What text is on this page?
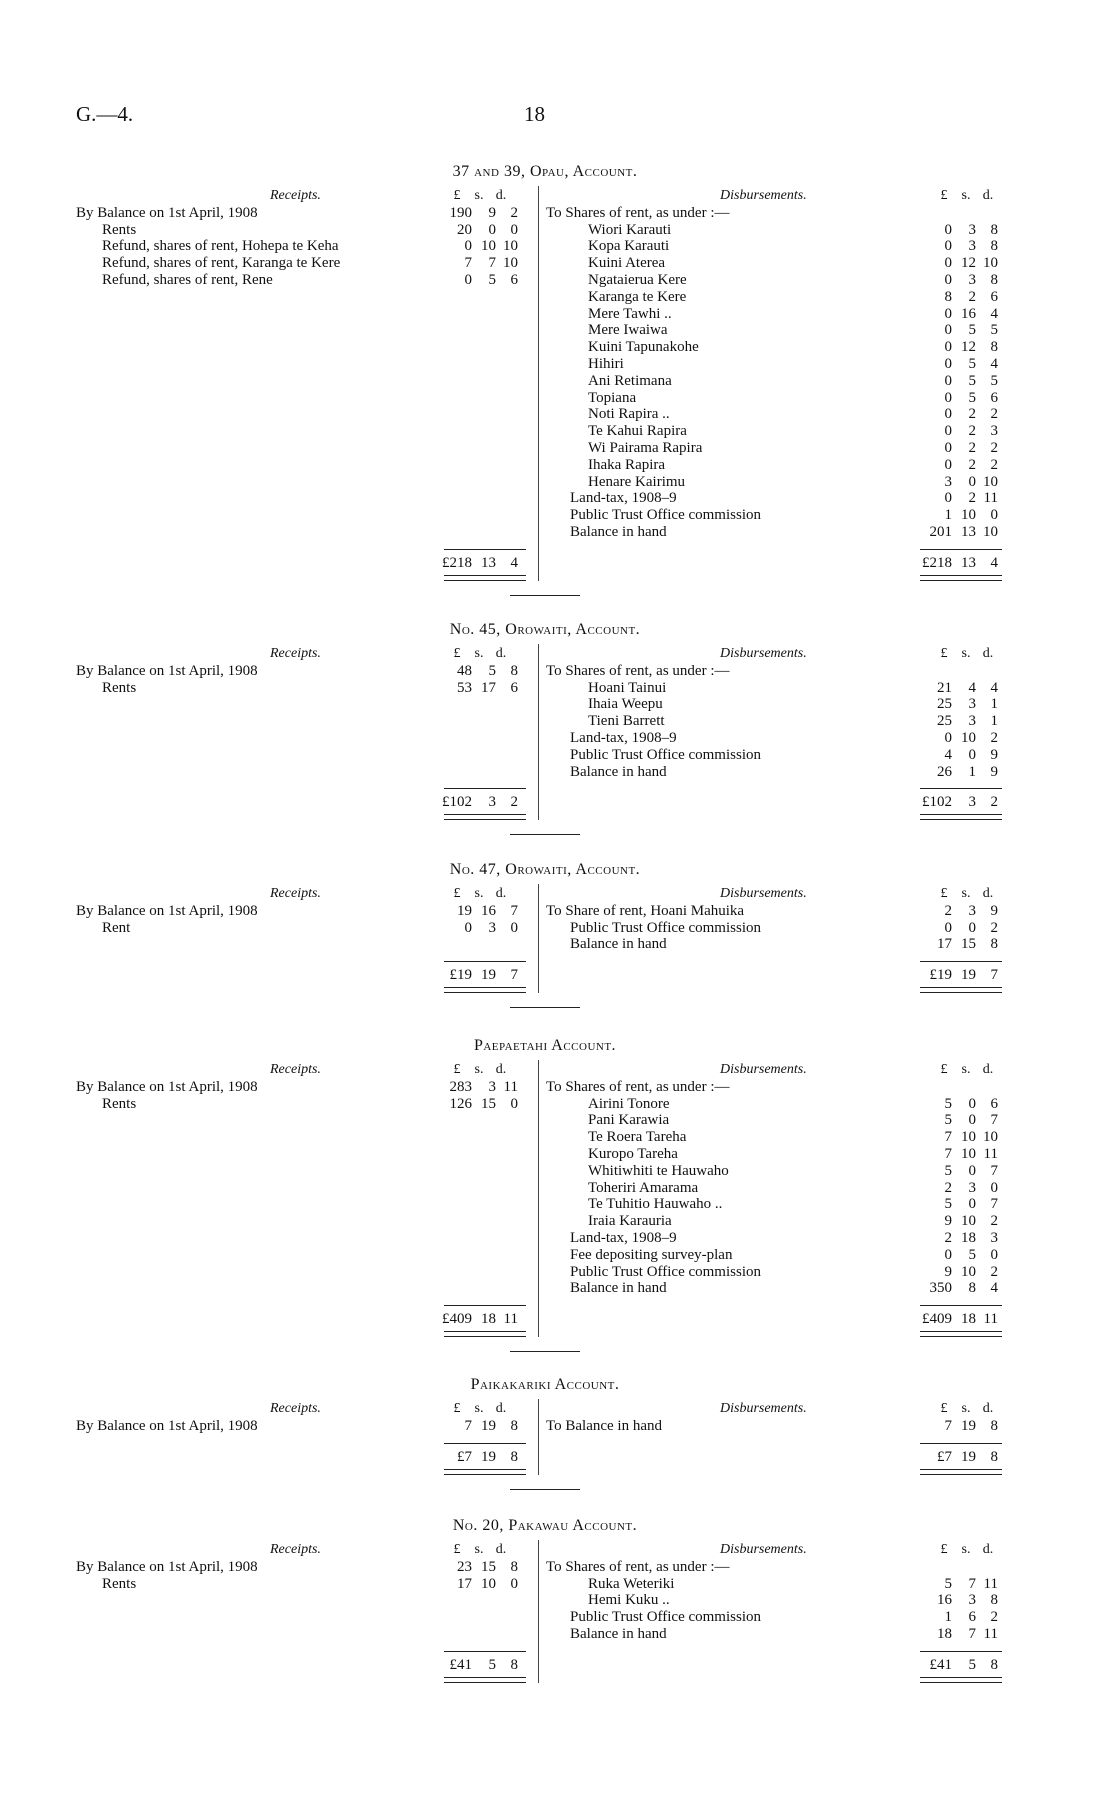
G.—4.	18
37 and 39, Opau, Account.
Receipts.	Disbursements.
£ s. d.	£ s. d.
By Balance on 1st April, 1908	190	9 2
Rents	20	0 0
Refund, shares of rent, Hohepa te Keha	0 10 10
Refund, shares of rent, Karanga te Kere	7	7 10
Refund, shares of rent, Rene	0	5 6
To Shares of rent, as under :—
Wiori Karauti	0	3 8
Kopa Karauti	0	3 8
Kuini Aterea	0 12 10
Ngataierua Kere	0	3 8
Karanga te Kere	8	2 6
Mere Tawhi ..	0 16 4
Mere Iwaiwa	0	5 5
Kuini Tapunakohe	0 12 8
Hihiri	0	5 4
Ani Retimana	0	5 5
Topiana	0	5 6
Noti Rapira ..	0	2 2
Te Kahui Rapira	0	2 3
Wi Pairama Rapira	0	2 2
Ihaka Rapira	0	2 2
Henare Kairimu	3	0 10
Land-tax, 1908–9	0	2 11
Public Trust Office commission	1 10 0
Balance in hand	201 13 10
£218 13 4	£218 13 4
No. 45, Orowaiti, Account.
Receipts.	Disbursements.
£ s. d.	£ s. d.
By Balance on 1st April, 1908	48	5 8
Rents	53 17 6
To Shares of rent, as under :—
Hoani Tainui	21	4 4
Ihaia Weepu	25	3 1
Tieni Barrett	25	3 1
Land-tax, 1908–9	0 10 2
Public Trust Office commission	4	0 9
Balance in hand	26	1 9
£102	3 2	£102	3 2
No. 47, Orowaiti, Account.
Receipts.	Disbursements.
£ s. d.	£ s. d.
By Balance on 1st April, 1908	19 16 7
Rent	0	3 0
To Share of rent, Hoani Mahuika	2	3 9
Public Trust Office commission	0	0 2
Balance in hand	17 15 8
£19 19 7	£19 19 7
Paepaetahi Account.
Receipts.	Disbursements.
£ s. d.	£ s. d.
By Balance on 1st April, 1908	283	3 11
Rents	126 15 0
To Shares of rent, as under :—
Airini Tonore	5	0 6
Pani Karawia	5	0 7
Te Roera Tareha	7 10 10
Kuropo Tareha	7 10 11
Whitiwhiti te Hauwaho	5	0 7
Toheriri Amarama	2	3 0
Te Tuhitio Hauwaho ..	5	0 7
Iraia Karauria	9 10 2
Land-tax, 1908–9	2 18 3
Fee depositing survey-plan	0	5 0
Public Trust Office commission	9 10 2
Balance in hand	350	8 4
£409 18 11	£409 18 11
Paikakariki Account.
Receipts.	Disbursements.
£ s. d.	£ s. d.
By Balance on 1st April, 1908	7 19 8 To Balance in hand	7 19 8
£7 19 8	£7 19 8
No. 20, Pakawau Account.
Receipts.	Disbursements.
£ s. d.	£ s. d.
By Balance on 1st April, 1908	23 15 8
Rents	17 10 0
To Shares of rent, as under :—
Ruka Weteriki	5	7 11
Hemi Kuku ..	16	3 8
Public Trust Office commission	1	6 2
Balance in hand	18	7 11
£41	5 8	£41	5 8
